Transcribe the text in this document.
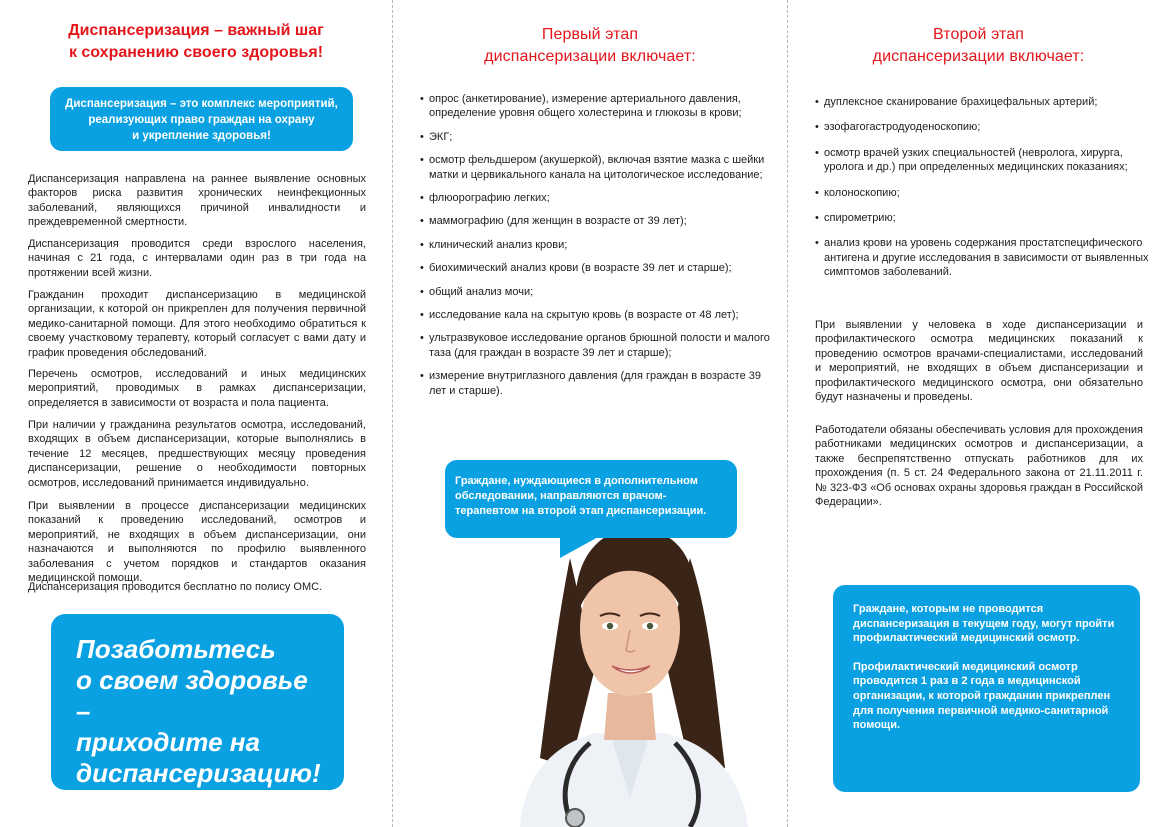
Диспансеризация – важный шаг
к сохранению своего здоровья!
Диспансеризация – это комплекс мероприятий,
реализующих право граждан на охрану
и укрепление здоровья!

Диспансеризация направлена на раннее выявление основных факторов риска развития хронических неинфекционных заболеваний, являющихся причиной инвалидности и преждевременной смертности.

Диспансеризация проводится среди взрослого населения, начиная с 21 года, с интервалами один раз в три года на протяжении всей жизни.

Гражданин проходит диспансеризацию в медицинской организации, к которой он прикреплен для получения первичной медико-санитарной помощи. Для этого необходимо обратиться к своему участковому терапевту, который согласует с вами дату и график проведения обследований.

Перечень осмотров, исследований и иных медицинских мероприятий, проводимых в рамках диспансеризации, определяется в зависимости от возраста и пола пациента.

При наличии у гражданина результатов осмотра, исследований, входящих в объем диспансеризации, которые выполнялись в течение 12 месяцев, предшествующих месяцу проведения диспансеризации, решение о необходимости повторных осмотров, исследований принимается индивидуально.

При выявлении в процессе диспансеризации медицинских показаний к проведению исследований, осмотров и мероприятий, не входящих в объем диспансеризации, они назначаются и выполняются по профилю выявленного заболевания с учетом порядков и стандартов оказания медицинской помощи.

Диспансеризация проводится бесплатно по полису ОМС.

Позаботьтесь
о своем здоровье –
приходите на
диспансеризацию!
Первый этап
диспансеризации включает:
• опрос (анкетирование), измерение артериального давления, определение уровня общего холестерина и глюкозы в крови;
• ЭКГ;
• осмотр фельдшером (акушеркой), включая взятие мазка с шейки матки и цервикального канала на цитологическое исследование;
• флюорографию легких;
• маммографию (для женщин в возрасте от 39 лет);
• клинический анализ крови;
• биохимический анализ крови (в возрасте 39 лет и старше);
• общий анализ мочи;
• исследование кала на скрытую кровь (в возрасте от 48 лет);
• ультразвуковое исследование органов брюшной полости и малого таза (для граждан в возрасте 39 лет и старше);
• измерение внутриглазного давления (для граждан в возрасте 39 лет и старше).
Граждане, нуждающиеся в дополнительном обследовании, направляются врачом-терапевтом на второй этап диспансеризации.
Второй этап
диспансеризации включает:
• дуплексное сканирование брахицефальных артерий;
• эзофагогастродуоденоскопию;
• осмотр врачей узких специальностей (невролога, хирурга, уролога и др.) при определенных медицинских показаниях;
• колоноскопию;
• спирометрию;
• анализ крови на уровень содержания простатспецифического антигена и другие исследования в зависимости от выявленных симптомов заболеваний.

При выявлении у человека в ходе диспансеризации и профилактического осмотра медицинских показаний к проведению осмотров врачами-специалистами, исследований и мероприятий, не входящих в объем диспансеризации и профилактического медицинского осмотра, они обязательно будут назначены и проведены.

Работодатели обязаны обеспечивать условия для прохождения работниками медицинских осмотров и диспансеризации, а также беспрепятственно отпускать работников для их прохождения (п. 5 ст. 24 Федерального закона от 21.11.2011 г. № 323-ФЗ «Об основах охраны здоровья граждан в Российской Федерации».

Граждане, которым не проводится диспансеризация в текущем году, могут пройти профилактический медицинский осмотр.

Профилактический медицинский осмотр проводится 1 раз в 2 года в медицинской организации, к которой гражданин прикреплен для получения первичной медико-санитарной помощи.
